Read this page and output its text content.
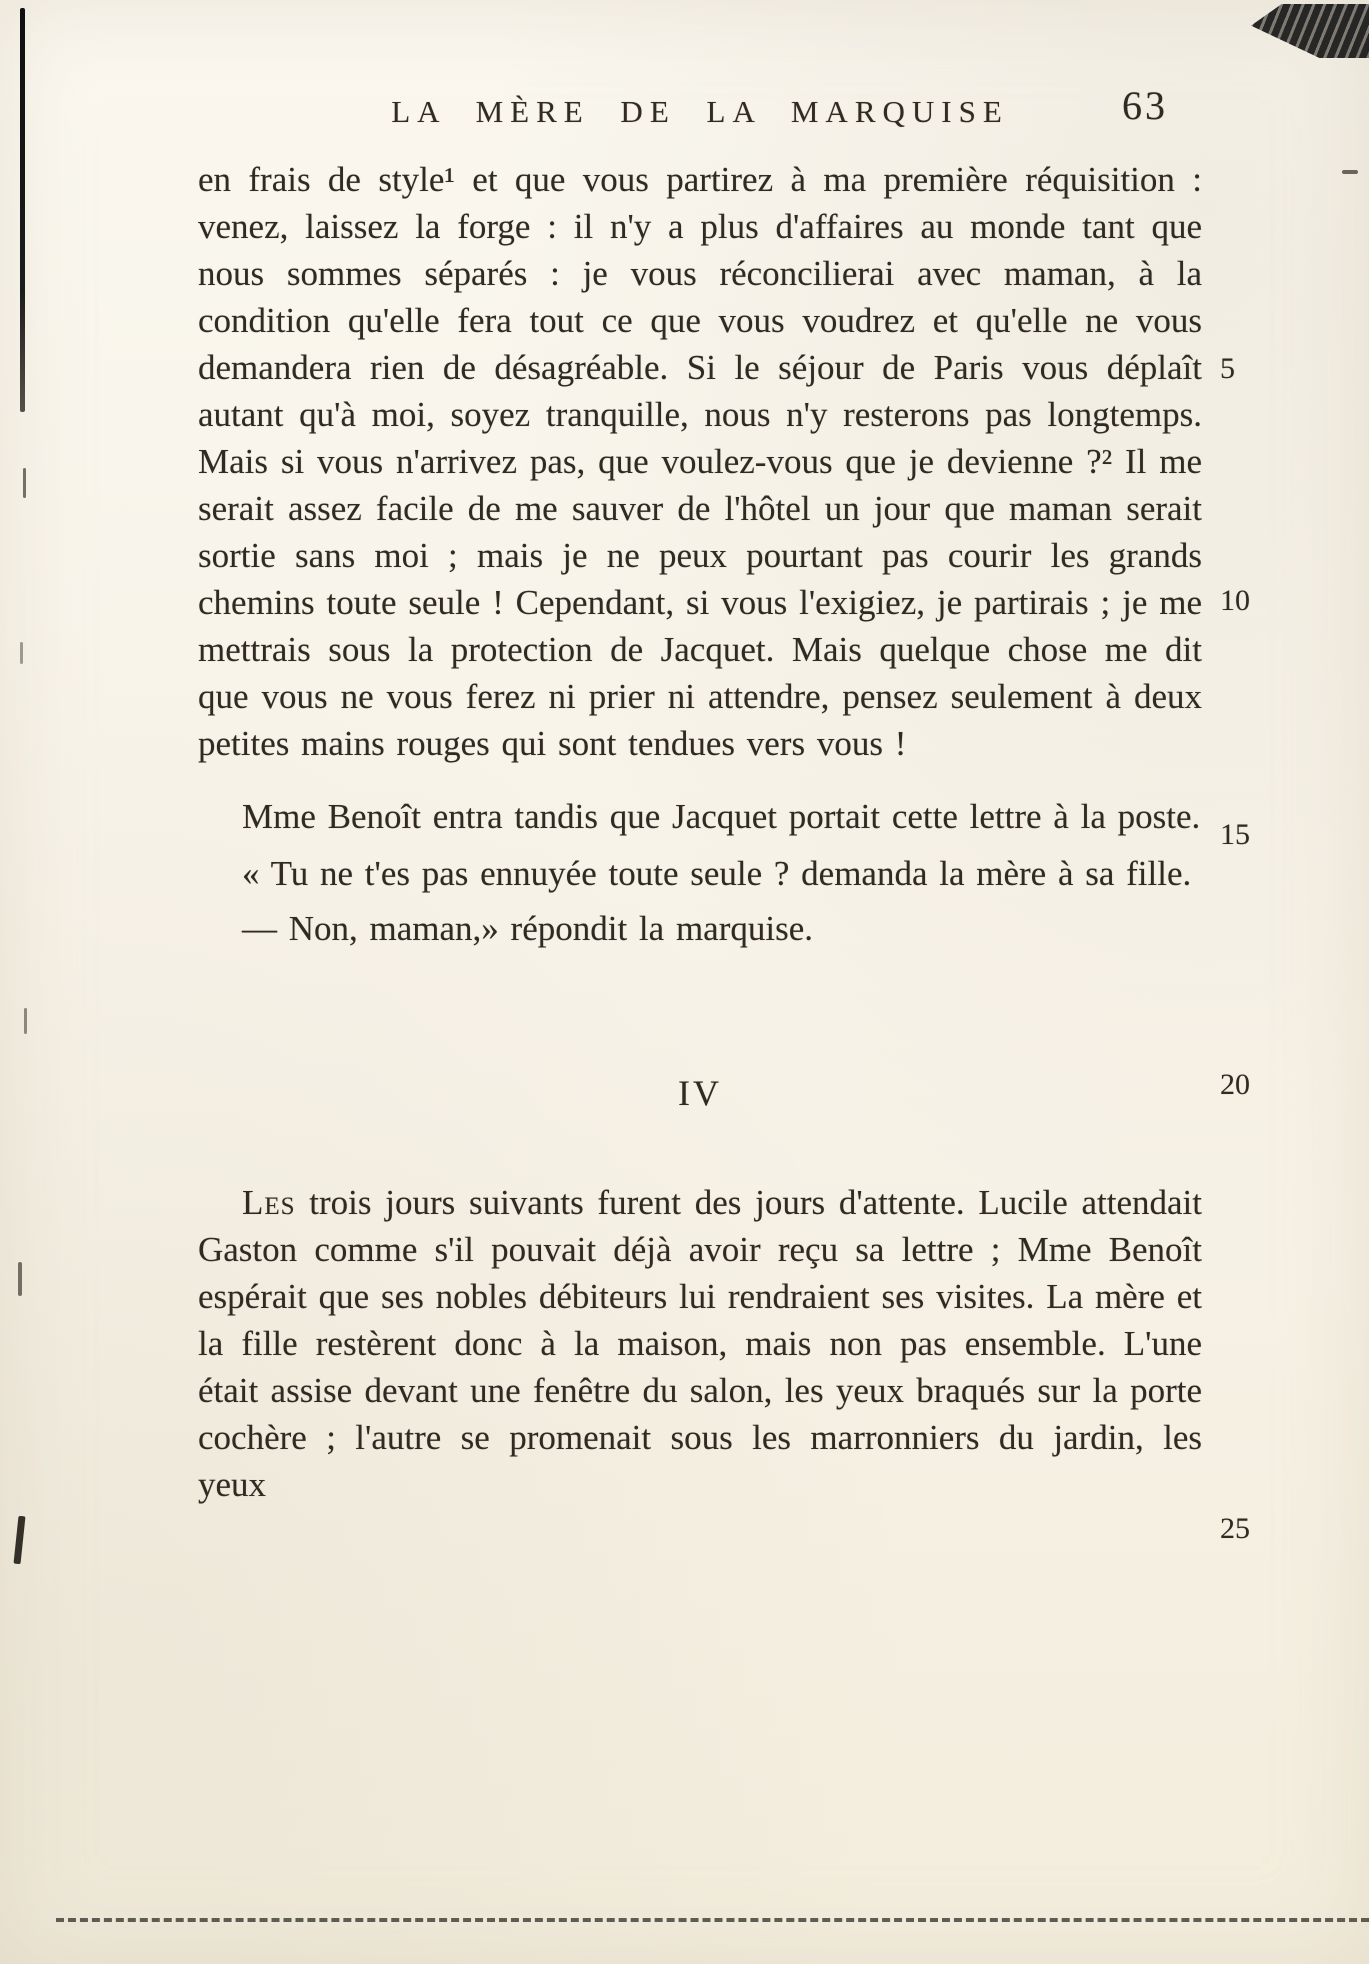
LA MÈRE DE LA MARQUISE	63

en frais de style¹ et que vous partirez à ma première réquisition : venez, laissez la forge : il n'y a plus d'affaires au monde tant que nous sommes séparés : je vous réconcilierai avec maman, à la condition qu'elle fera tout ce que vous voudrez et qu'elle ne vous demandera rien de désagréable. Si le séjour de Paris vous déplaît autant qu'à moi, soyez tranquille, nous n'y resterons pas longtemps. Mais si vous n'arrivez pas, que voulez-vous que je devienne ?² Il me serait assez facile de me sauver de l'hôtel un jour que maman serait sortie sans moi ; mais je ne peux pourtant pas courir les grands chemins toute seule ! Cependant, si vous l'exigiez, je partirais ; je me mettrais sous la protection de Jacquet. Mais quelque chose me dit que vous ne vous ferez ni prier ni attendre, pensez seulement à deux petites mains rouges qui sont tendues vers vous !

Mme Benoît entra tandis que Jacquet portait cette lettre à la poste.

« Tu ne t'es pas ennuyée toute seule ? demanda la mère à sa fille.

— Non, maman,» répondit la marquise.

IV

Les trois jours suivants furent des jours d'attente. Lucile attendait Gaston comme s'il pouvait déjà avoir reçu sa lettre ; Mme Benoît espérait que ses nobles débiteurs lui rendraient ses visites. La mère et la fille restèrent donc à la maison, mais non pas ensemble. L'une était assise devant une fenêtre du salon, les yeux braqués sur la porte cochère ; l'autre se promenait sous les marronniers du jardin, les yeux

5
10
15
20
25
